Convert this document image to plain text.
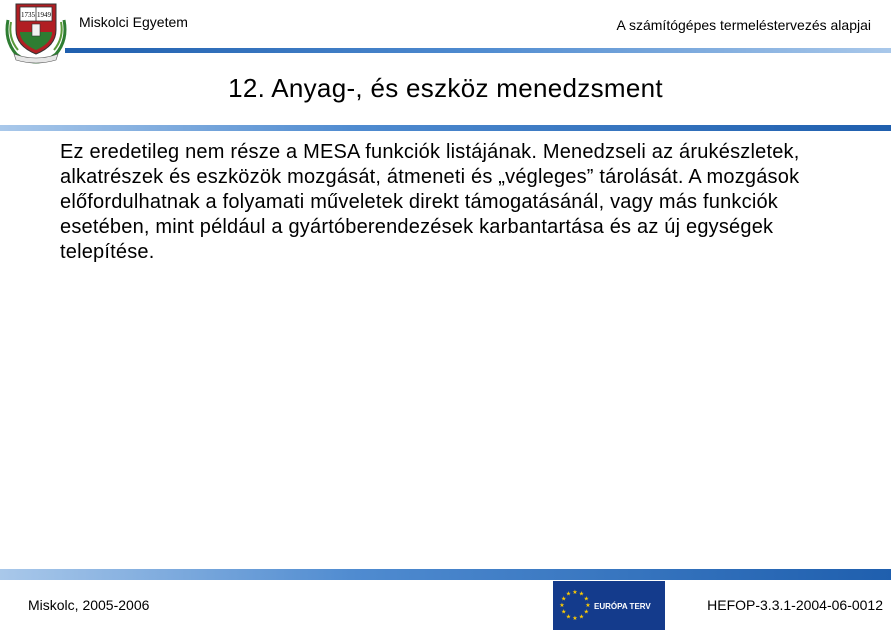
1735 1949 Miskolci Egyetem	A számítógépes termeléstervezés alapjai
12. Anyag-, és eszköz menedzsment

Ez eredetileg nem része a MESA funkciók listájának. Menedzseli az árukészletek, alkatrészek és eszközök mozgását, átmeneti és „végleges” tárolását. A mozgások előfordulhatnak a folyamati műveletek direkt támogatásánál, vagy más funkciók esetében, mint például a gyártóberendezések karbantartása és az új egységek telepítése.

Miskolc, 2005-2006	EURÓPA TERV
★
★
★
★
★
★
★
★
★ ★ ★
★	HEFOP-3.3.1-2004-06-0012
